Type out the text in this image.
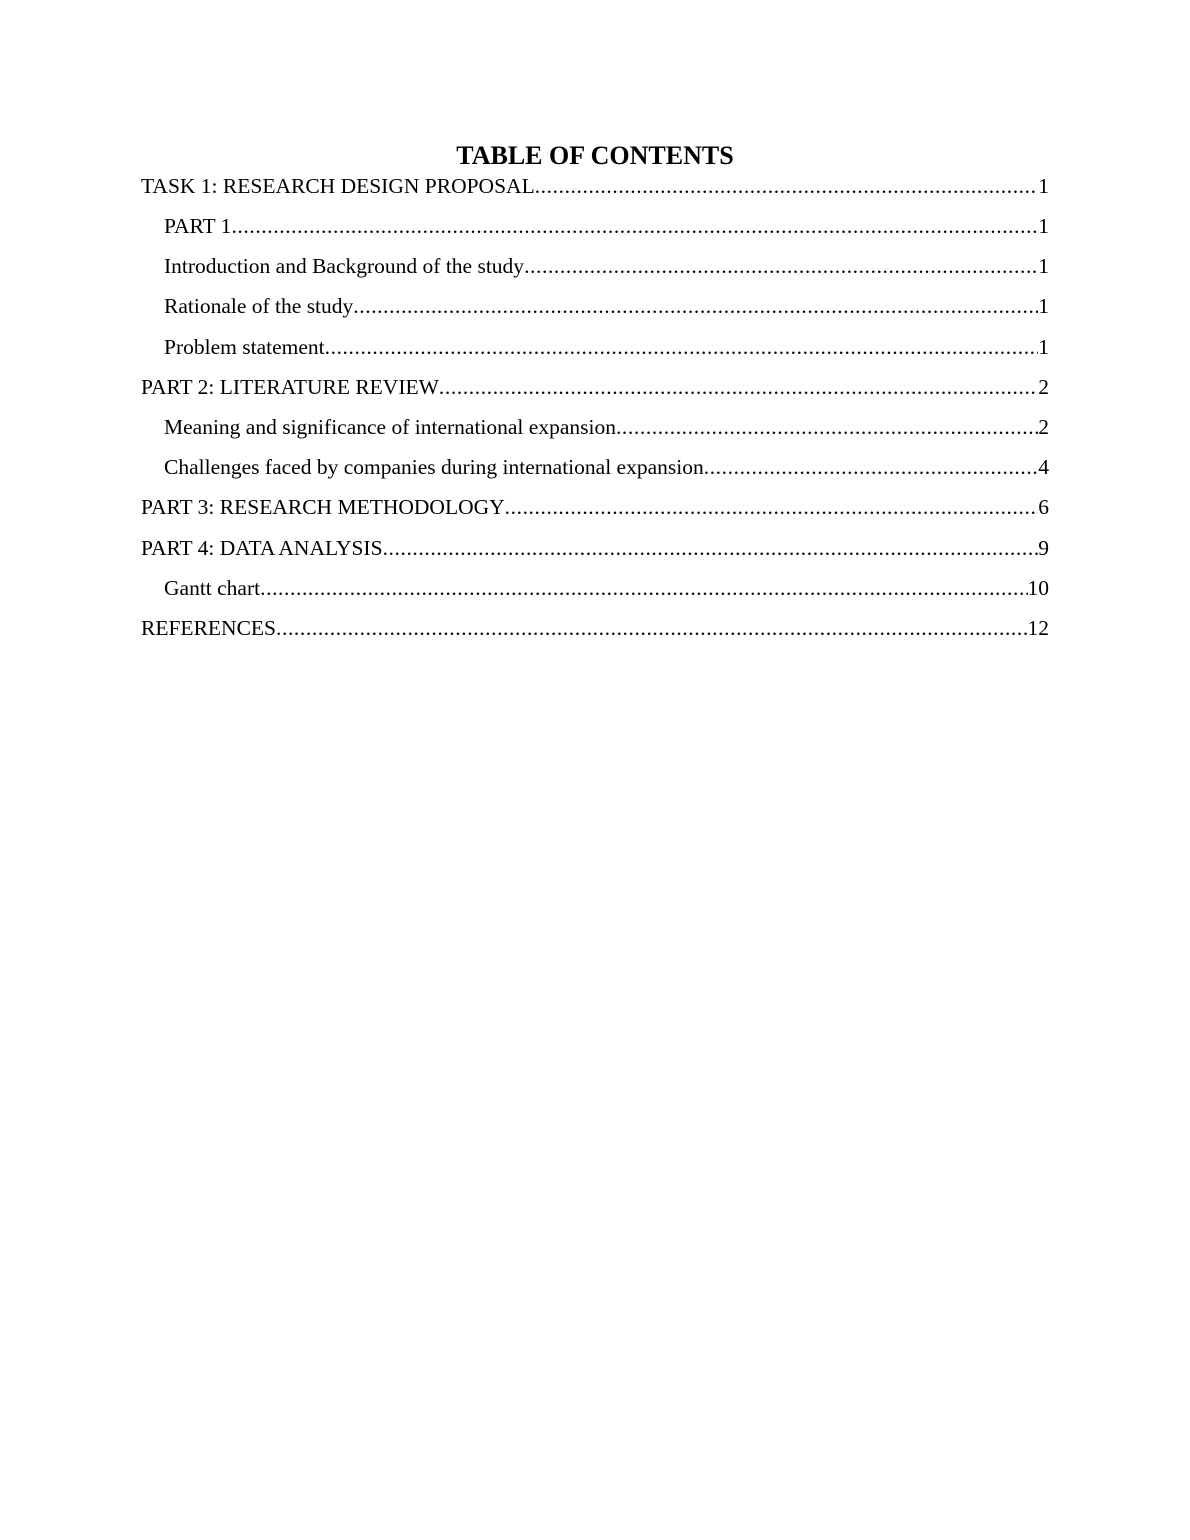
TABLE OF CONTENTS
TASK 1: RESEARCH DESIGN PROPOSAL .....	1
PART 1 .....	1
Introduction and Background of the study .....	1
Rationale of the study .....	1
Problem statement .....	1
PART 2: LITERATURE REVIEW .....	2
Meaning and significance of international expansion .....	2
Challenges faced by companies during international expansion .....	4
PART 3: RESEARCH METHODOLOGY .....	6
PART 4: DATA ANALYSIS .....	9
Gantt chart .....	10
REFERENCES .....	12
